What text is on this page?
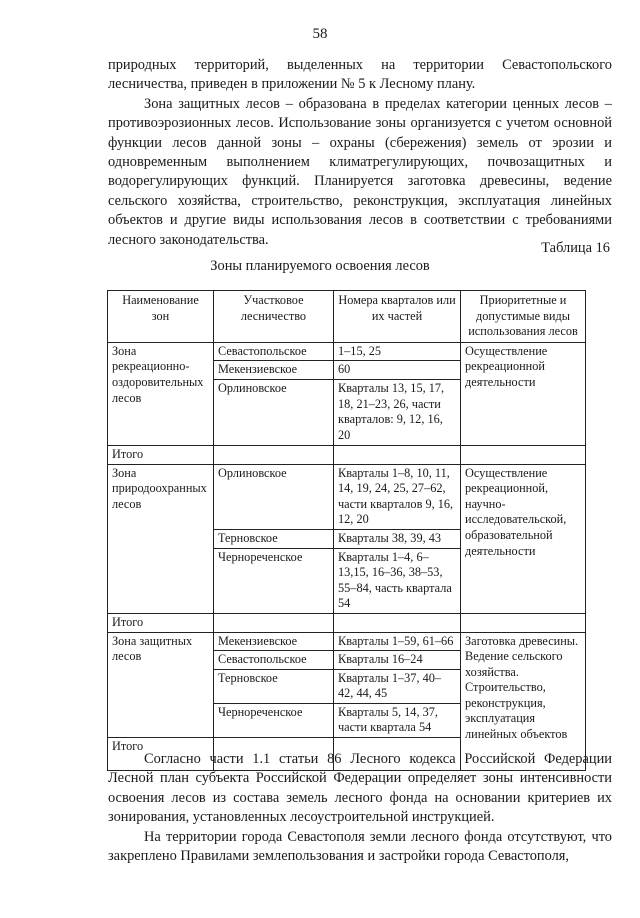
58

природных территорий, выделенных на территории Севастопольского лесничества, приведен в приложении № 5 к Лесному плану.

Зона защитных лесов – образована в пределах категории ценных лесов – противоэрозионных лесов. Использование зоны организуется с учетом основной функции лесов данной зоны – охраны (сбережения) земель от эрозии и одновременным выполнением климатрегулирующих, почвозащитных и водорегулирующих функций. Планируется заготовка древесины, ведение сельского хозяйства, строительство, реконструкция, эксплуатация линейных объектов и другие виды использования лесов в соответствии с требованиями лесного законодательства.

Таблица 16
Зоны планируемого освоения лесов
Наименование зон	Участковое лесничество	Номера кварталов или их частей	Приоритетные и допустимые виды использования лесов
Зона рекреационно-оздоровительных лесов	Севастопольское	1–15, 25	Осуществление рекреационной деятельности
	Мекензиевское	60	
	Орлиновское	Кварталы 13, 15, 17, 18, 21–23, 26, части кварталов: 9, 12, 16, 20	
Итого			
Зона природоохранных лесов	Орлиновское	Кварталы 1–8, 10, 11, 14, 19, 24, 25, 27–62, части кварталов 9, 16, 12, 20	Осуществление рекреационной, научно-исследовательской, образовательной деятельности
	Терновское	Кварталы 38, 39, 43	
	Чернореченское	Кварталы 1–4, 6–13,15, 16–36, 38–53, 55–84, часть квартала 54	
Итого			
Зона защитных лесов	Мекензиевское	Кварталы 1–59, 61–66	Заготовка древесины. Ведение сельского хозяйства. Строительство, реконструкция, эксплуатация линейных объектов
	Севастопольское	Кварталы 16–24	
	Терновское	Кварталы 1–37, 40–42, 44, 45	
	Чернореченское	Кварталы 5, 14, 37, части квартала 54	
Итого			

Согласно части 1.1 статьи 86 Лесного кодекса Российской Федерации Лесной план субъекта Российской Федерации определяет зоны интенсивности освоения лесов из состава земель лесного фонда на основании критериев их зонирования, установленных лесоустроительной инструкцией.

На территории города Севастополя земли лесного фонда отсутствуют, что закреплено Правилами землепользования и застройки города Севастополя,
